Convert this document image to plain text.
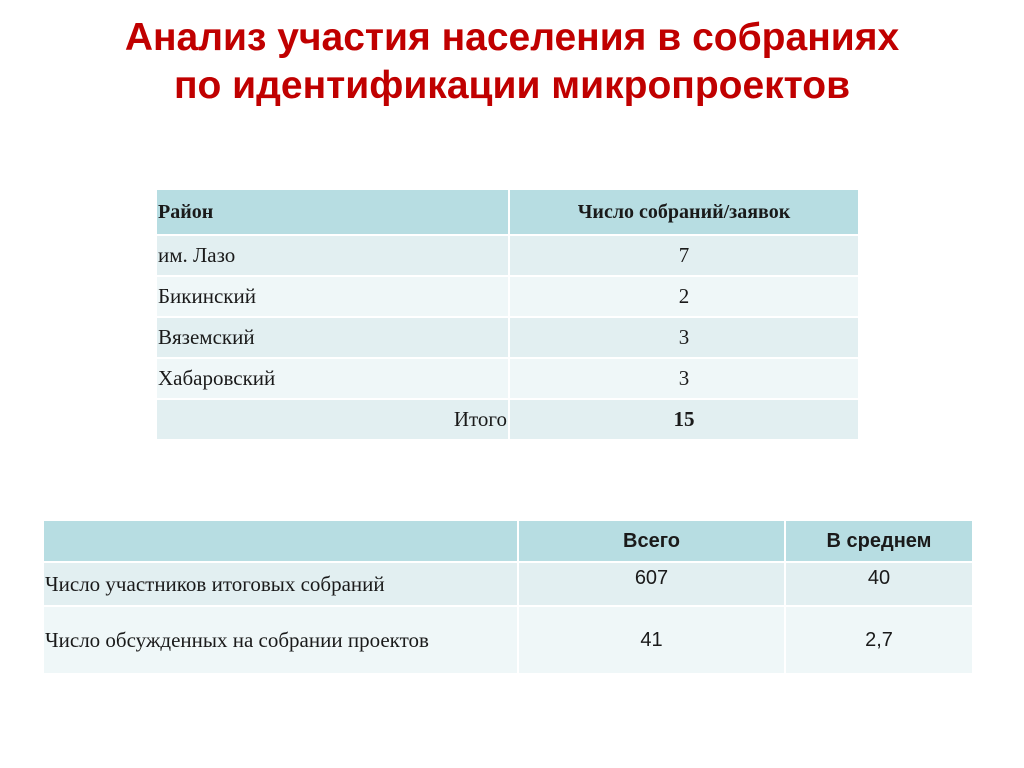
Анализ участия населения в собраниях
по идентификации микропроектов
Район	Число собраний/заявок
им. Лазо	7
Бикинский	2
Вяземский	3
Хабаровский	3
Итого	15
	Всего	В среднем
Число участников итоговых собраний	607	40
Число обсужденных на собрании проектов	41	2,7
